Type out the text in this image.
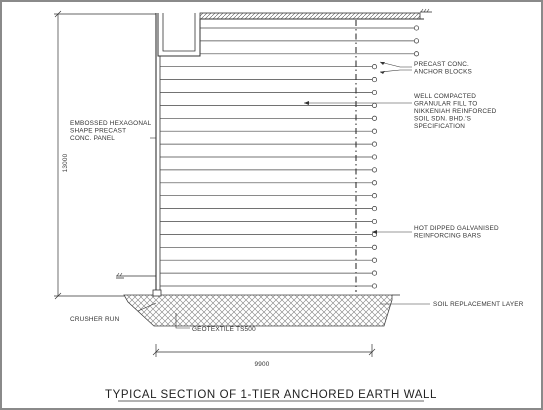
13000
9900
PRECAST CONC. ANCHOR BLOCKS
WELL COMPACTED GRANULAR FILL TO NIKKENIAH REINFORCED SOIL SDN. BHD.'S SPECIFICATION
EMBOSSED HEXAGONAL SHAPE PRECAST CONC. PANEL
HOT DIPPED GALVANISED REINFORCING BARS
SOIL REPLACEMENT LAYER
CRUSHER RUN
GEOTEXTILE TS500
TYPICAL SECTION OF 1-TIER ANCHORED EARTH WALL
